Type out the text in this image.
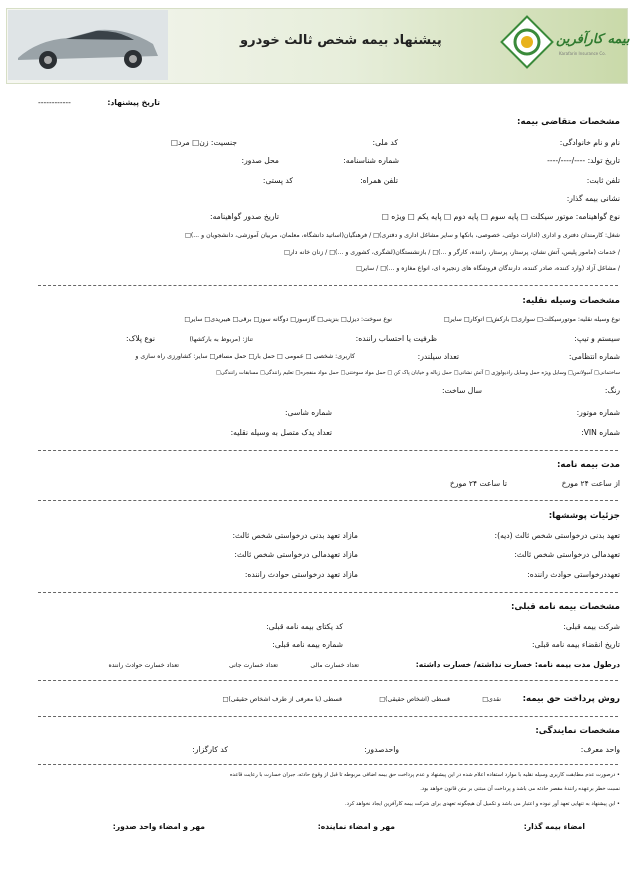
پیشنهاد بیمه شخص ثالث خودرو	بیمه کارآفرین
Karafarin Insurance Co.
تاریخ پیشنهاد:
------------
مشخصات متقاضی بیمه:
نام و نام خانوادگی:
کد ملی:
جنسیت: زن□ مرد□
تاریخ تولد: ----/----/----
شماره شناسنامه:
محل صدور:
تلفن ثابت:
تلفن همراه:
کد پستی:
نشانی بیمه گذار:
نوع گواهینامه: موتور سیکلت □ پایه سوم □ پایه دوم □ پایه یکم □ ویژه □
تاریخ صدور گواهینامه:
شغل: کارمندان دفتری و اداری (ادارات دولتی، خصوصی، بانکها و سایر مشاغل اداری و دفتری)□ / فرهنگیان(اساتید دانشگاه، معلمان، مربیان آموزشی، دانشجویان و ...)□
/ خدمات (مامور پلیس، آتش نشان، پرستار، پرستار، راننده، کارگر و ...)□ / بازنشستگان(لشگری، کشوری و ...)□ / زنان خانه دار□
/ مشاغل آزاد (وارد کننده، صادر کننده، دارندگان فروشگاه های زنجیره ای، انواع مغازه و ...)□ / سایر□
مشخصات وسیله نقلیه:
نوع وسیله نقلیه: موتورسیکلت□ سواری□ بارکش□ اتوکار□ سایر□
نوع سوخت: دیزل□ بنزینی□ گازسوز□ دوگانه سوز□ برقی□ هیبریدی□ سایر□
سیستم و تیپ:
ظرفیت یا احتساب راننده:
تناژ: (مربوط به بارکشها)
نوع پلاک:
شماره انتظامی:
تعداد سیلندر:
کاربری: شخصی □ عمومی □ حمل بار□ حمل مسافر□ سایر: کشاورزی راه سازی و
ساختمانی□ آمبولانس□ وسایل ویژه حمل وسایل رادیولوژی □ آتش نشانی□ حمل زباله و خیابان پاک کن □ حمل مواد سوختنی□ حمل مواد منفجره□ تعلیم رانندگی□ مسابقات رانندگی□
رنگ:
سال ساخت:
شماره موتور:
شماره شاسی:
شماره VIN:
تعداد یدک متصل به وسیله نقلیه:
مدت بیمه نامه:
از ساعت ۲۴ مورخ
تا ساعت ۲۴ مورخ
جزئیات پوششها:
تعهد بدنی درخواستی شخص ثالث (دیه):
مازاد تعهد بدنی درخواستی شخص ثالث:
تعهدمالی درخواستی شخص ثالث:
مازاد تعهدمالی درخواستی شخص ثالث:
تعهددرخواستی حوادث راننده:
مازاد تعهد درخواستی حوادث راننده:
مشخصات بیمه نامه قبلی:
شرکت بیمه قبلی:
کد یکتای بیمه نامه قبلی:
تاریخ انقضاء بیمه نامه قبلی:
شماره بیمه نامه قبلی:
درطول مدت بیمه نامه: خسارت نداشته/ خسارت داشته:
تعداد خسارت مالی
تعداد خسارت جانی
تعداد خسارت حوادث راننده
روش پرداخت حق بیمه:
نقدی□
قسطی (اشخاص حقیقی)□
قسطی (با معرفی از طرف اشخاص حقیقی)□
مشخصات نمایندگی:
واحد معرف:
واحدصدور:
کد کارگزار:
• درصورت عدم مطابقت کاربری وسیله نقلیه با موارد استفاده اعلام شده در این پیشنهاد و عدم پرداخت حق بیمه اضافی مربوطه تا قبل از وقوع حادثه، جبران خسارت با رعایت قاعده
نسبت خطر برعهده رانندهٔ مقصر حادثه می باشد و پرداخت آن مبتنی بر متن قانون خواهد بود.
• این پیشنهاد به تنهایی تعهد آور نبوده و اعتبار می باشد و تکمیل آن هیچگونه تعهدی برای شرکت بیمه کارآفرین ایجاد نخواهد کرد.
امضاء بیمه گذار:
مهر و امضاء نماینده:
مهر و امضاء واحد صدور:
